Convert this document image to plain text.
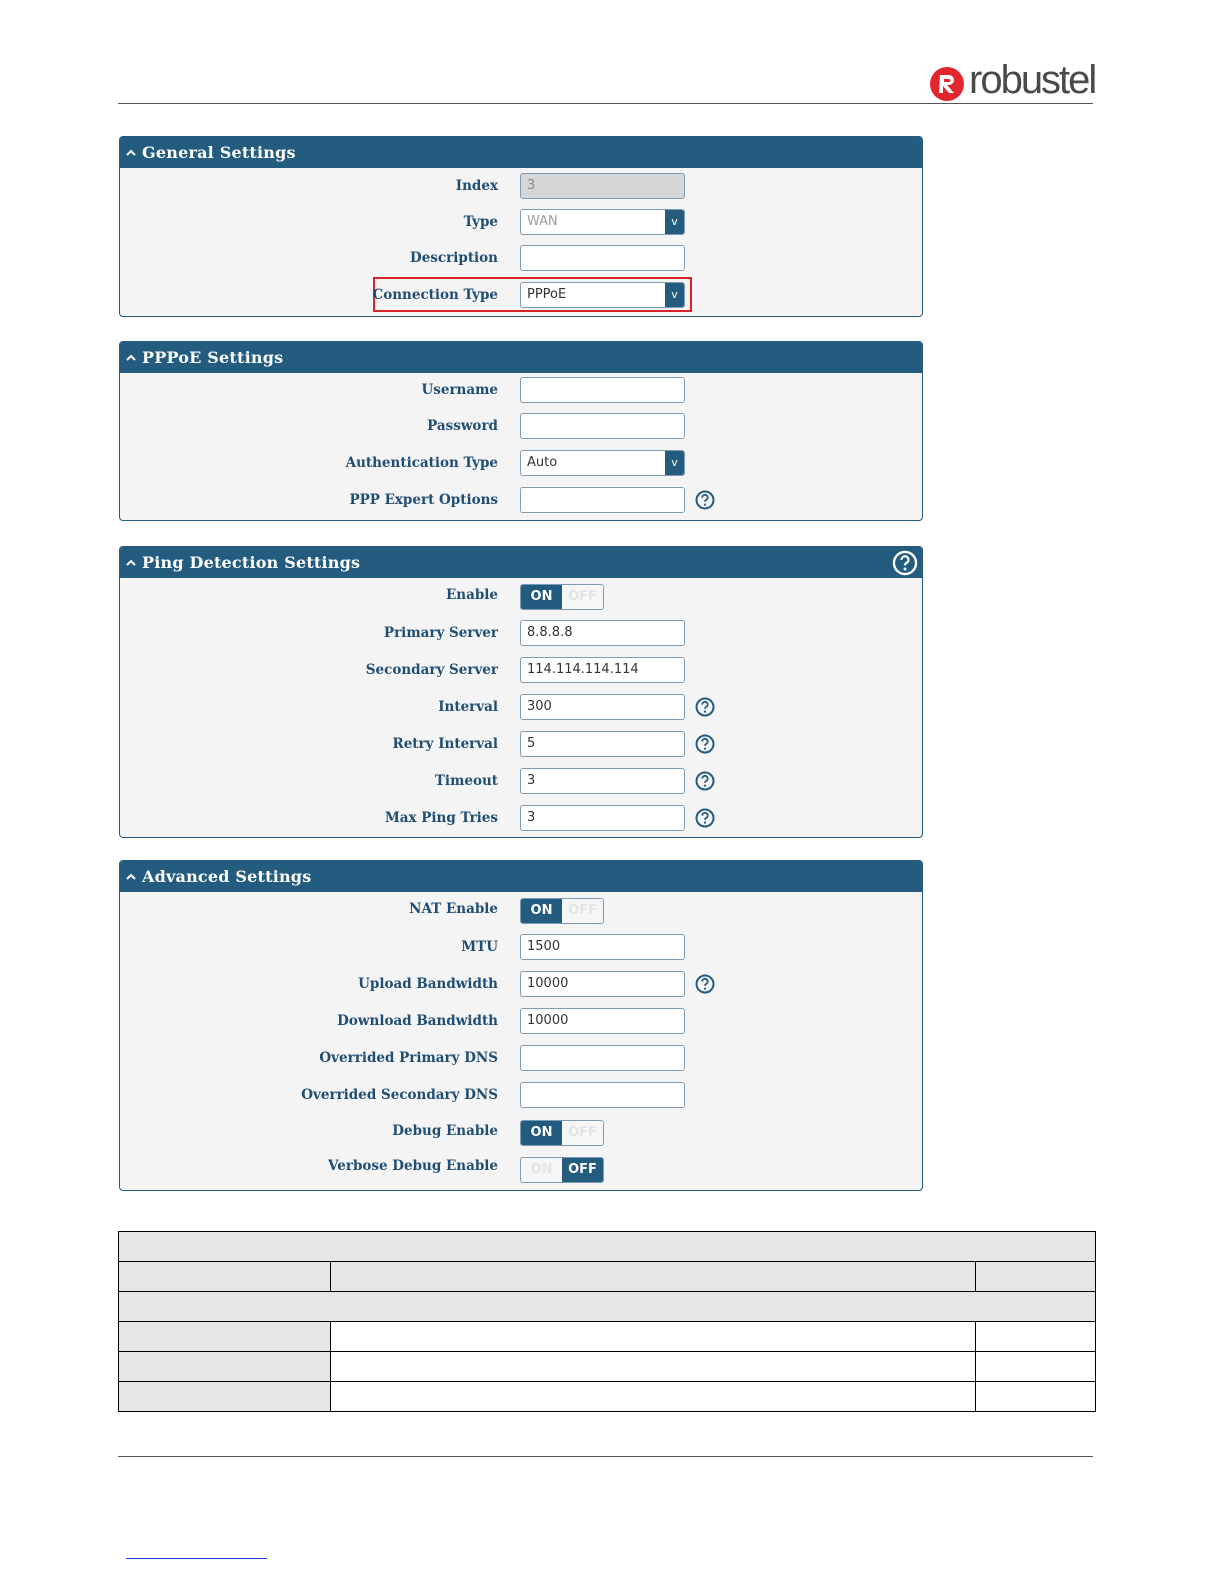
robustel
General Settings
Index	3
Type	WAN	v
Description
Connection Type	PPPoE	v
PPPoE Settings
Username
Password
Authentication Type	Auto	v
PPP Expert Options
Ping Detection Settings
Enable	ON	OFF
Primary Server	8.8.8.8
Secondary Server	114.114.114.114
Interval	300
Retry Interval	5
Timeout	3
Max Ping Tries	3
Advanced Settings
NAT Enable	ON	OFF
MTU	1500
Upload Bandwidth	10000
Download Bandwidth	10000
Overrided Primary DNS
Overrided Secondary DNS
Debug Enable	ON	OFF
Verbose Debug Enable	ON	OFF
